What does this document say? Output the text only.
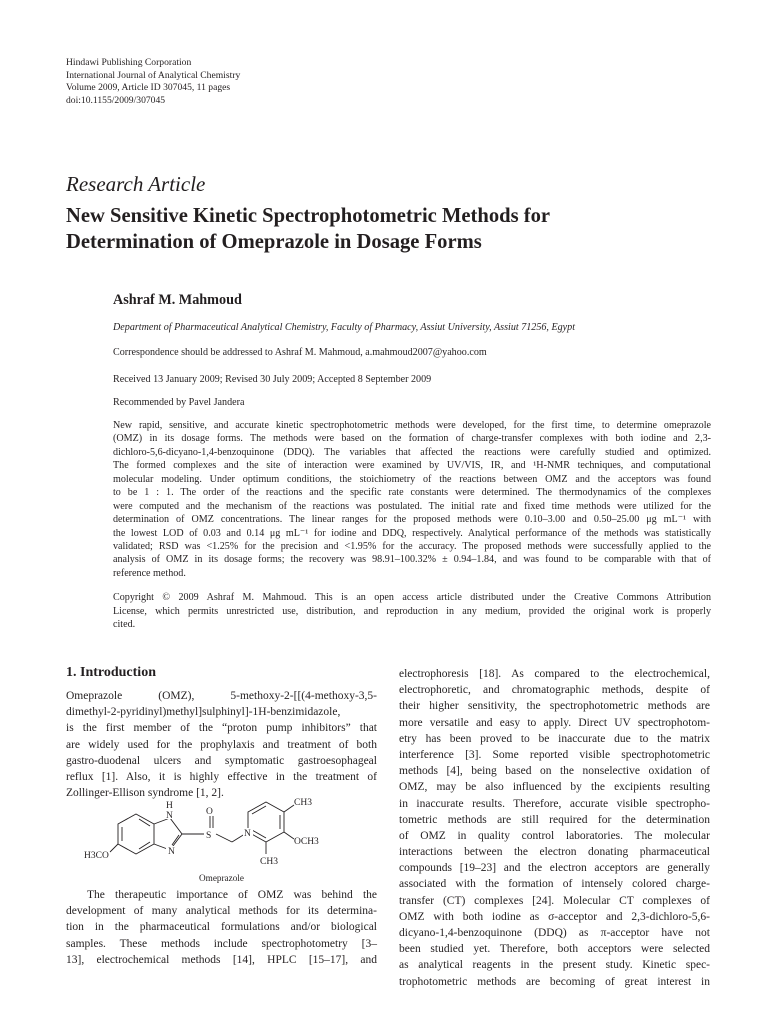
Hindawi Publishing Corporation
International Journal of Analytical Chemistry
Volume 2009, Article ID 307045, 11 pages
doi:10.1155/2009/307045
Research Article
New Sensitive Kinetic Spectrophotometric Methods for
Determination of Omeprazole in Dosage Forms
Ashraf M. Mahmoud
Department of Pharmaceutical Analytical Chemistry, Faculty of Pharmacy, Assiut University, Assiut 71256, Egypt
Correspondence should be addressed to Ashraf M. Mahmoud, a.mahmoud2007@yahoo.com
Received 13 January 2009; Revised 30 July 2009; Accepted 8 September 2009
Recommended by Pavel Jandera
New rapid, sensitive, and accurate kinetic spectrophotometric methods were developed, for the first time, to determine omeprazole
(OMZ) in its dosage forms. The methods were based on the formation of charge-transfer complexes with both iodine and 2,3-
dichloro-5,6-dicyano-1,4-benzoquinone (DDQ). The variables that affected the reactions were carefully studied and optimized.
The formed complexes and the site of interaction were examined by UV/VIS, IR, and ¹H-NMR techniques, and computational
molecular modeling. Under optimum conditions, the stoichiometry of the reactions between OMZ and the acceptors was found
to be 1 : 1. The order of the reactions and the specific rate constants were determined. The thermodynamics of the complexes
were computed and the mechanism of the reactions was postulated. The initial rate and fixed time methods were utilized for the
determination of OMZ concentrations. The linear ranges for the proposed methods were 0.10–3.00 and 0.50–25.00 μg mL⁻¹ with
the lowest LOD of 0.03 and 0.14 μg mL⁻¹ for iodine and DDQ, respectively. Analytical performance of the methods was statistically
validated; RSD was <1.25% for the precision and <1.95% for the accuracy. The proposed methods were successfully applied to the
analysis of OMZ in its dosage forms; the recovery was 98.91–100.32% ± 0.94–1.84, and was found to be comparable with that of
reference method.
Copyright © 2009 Ashraf M. Mahmoud. This is an open access article distributed under the Creative Commons Attribution
License, which permits unrestricted use, distribution, and reproduction in any medium, provided the original work is properly
cited.
1. Introduction
Omeprazole (OMZ), 5-methoxy-2-[[(4-methoxy-3,5-
dimethyl-2-pyridinyl)methyl]sulphinyl]-1H-benzimidazole,
is the first member of the “proton pump inhibitors” that
are widely used for the prophylaxis and treatment of both
gastro-duodenal ulcers and symptomatic gastroesophageal
reflux [1]. Also, it is highly effective in the treatment of
Zollinger-Ellison syndrome [1, 2].
H
N
N
S
O
N
CH3
OCH3
CH3
H3CO
Omeprazole
The therapeutic importance of OMZ was behind the
development of many analytical methods for its determina-
tion in the pharmaceutical formulations and/or biological
samples. These methods include spectrophotometry [3–
13], electrochemical methods [14], HPLC [15–17], and
electrophoresis [18]. As compared to the electrochemical,
electrophoretic, and chromatographic methods, despite of
their higher sensitivity, the spectrophotometric methods are
more versatile and easy to apply. Direct UV spectrophotom-
etry has been proved to be inaccurate due to the matrix
interference [3]. Some reported visible spectrophotometric
methods [4], being based on the nonselective oxidation of
OMZ, may be also influenced by the excipients resulting
in inaccurate results. Therefore, accurate visible spectropho-
tometric methods are still required for the determination
of OMZ in quality control laboratories. The molecular
interactions between the electron donating pharmaceutical
compounds [19–23] and the electron acceptors are generally
associated with the formation of intensely colored charge-
transfer (CT) complexes [24]. Molecular CT complexes of
OMZ with both iodine as σ-acceptor and 2,3-dichloro-5,6-
dicyano-1,4-benzoquinone (DDQ) as π-acceptor have not
been studied yet. Therefore, both acceptors were selected
as analytical reagents in the present study. Kinetic spec-
trophotometric methods are becoming of great interest in
